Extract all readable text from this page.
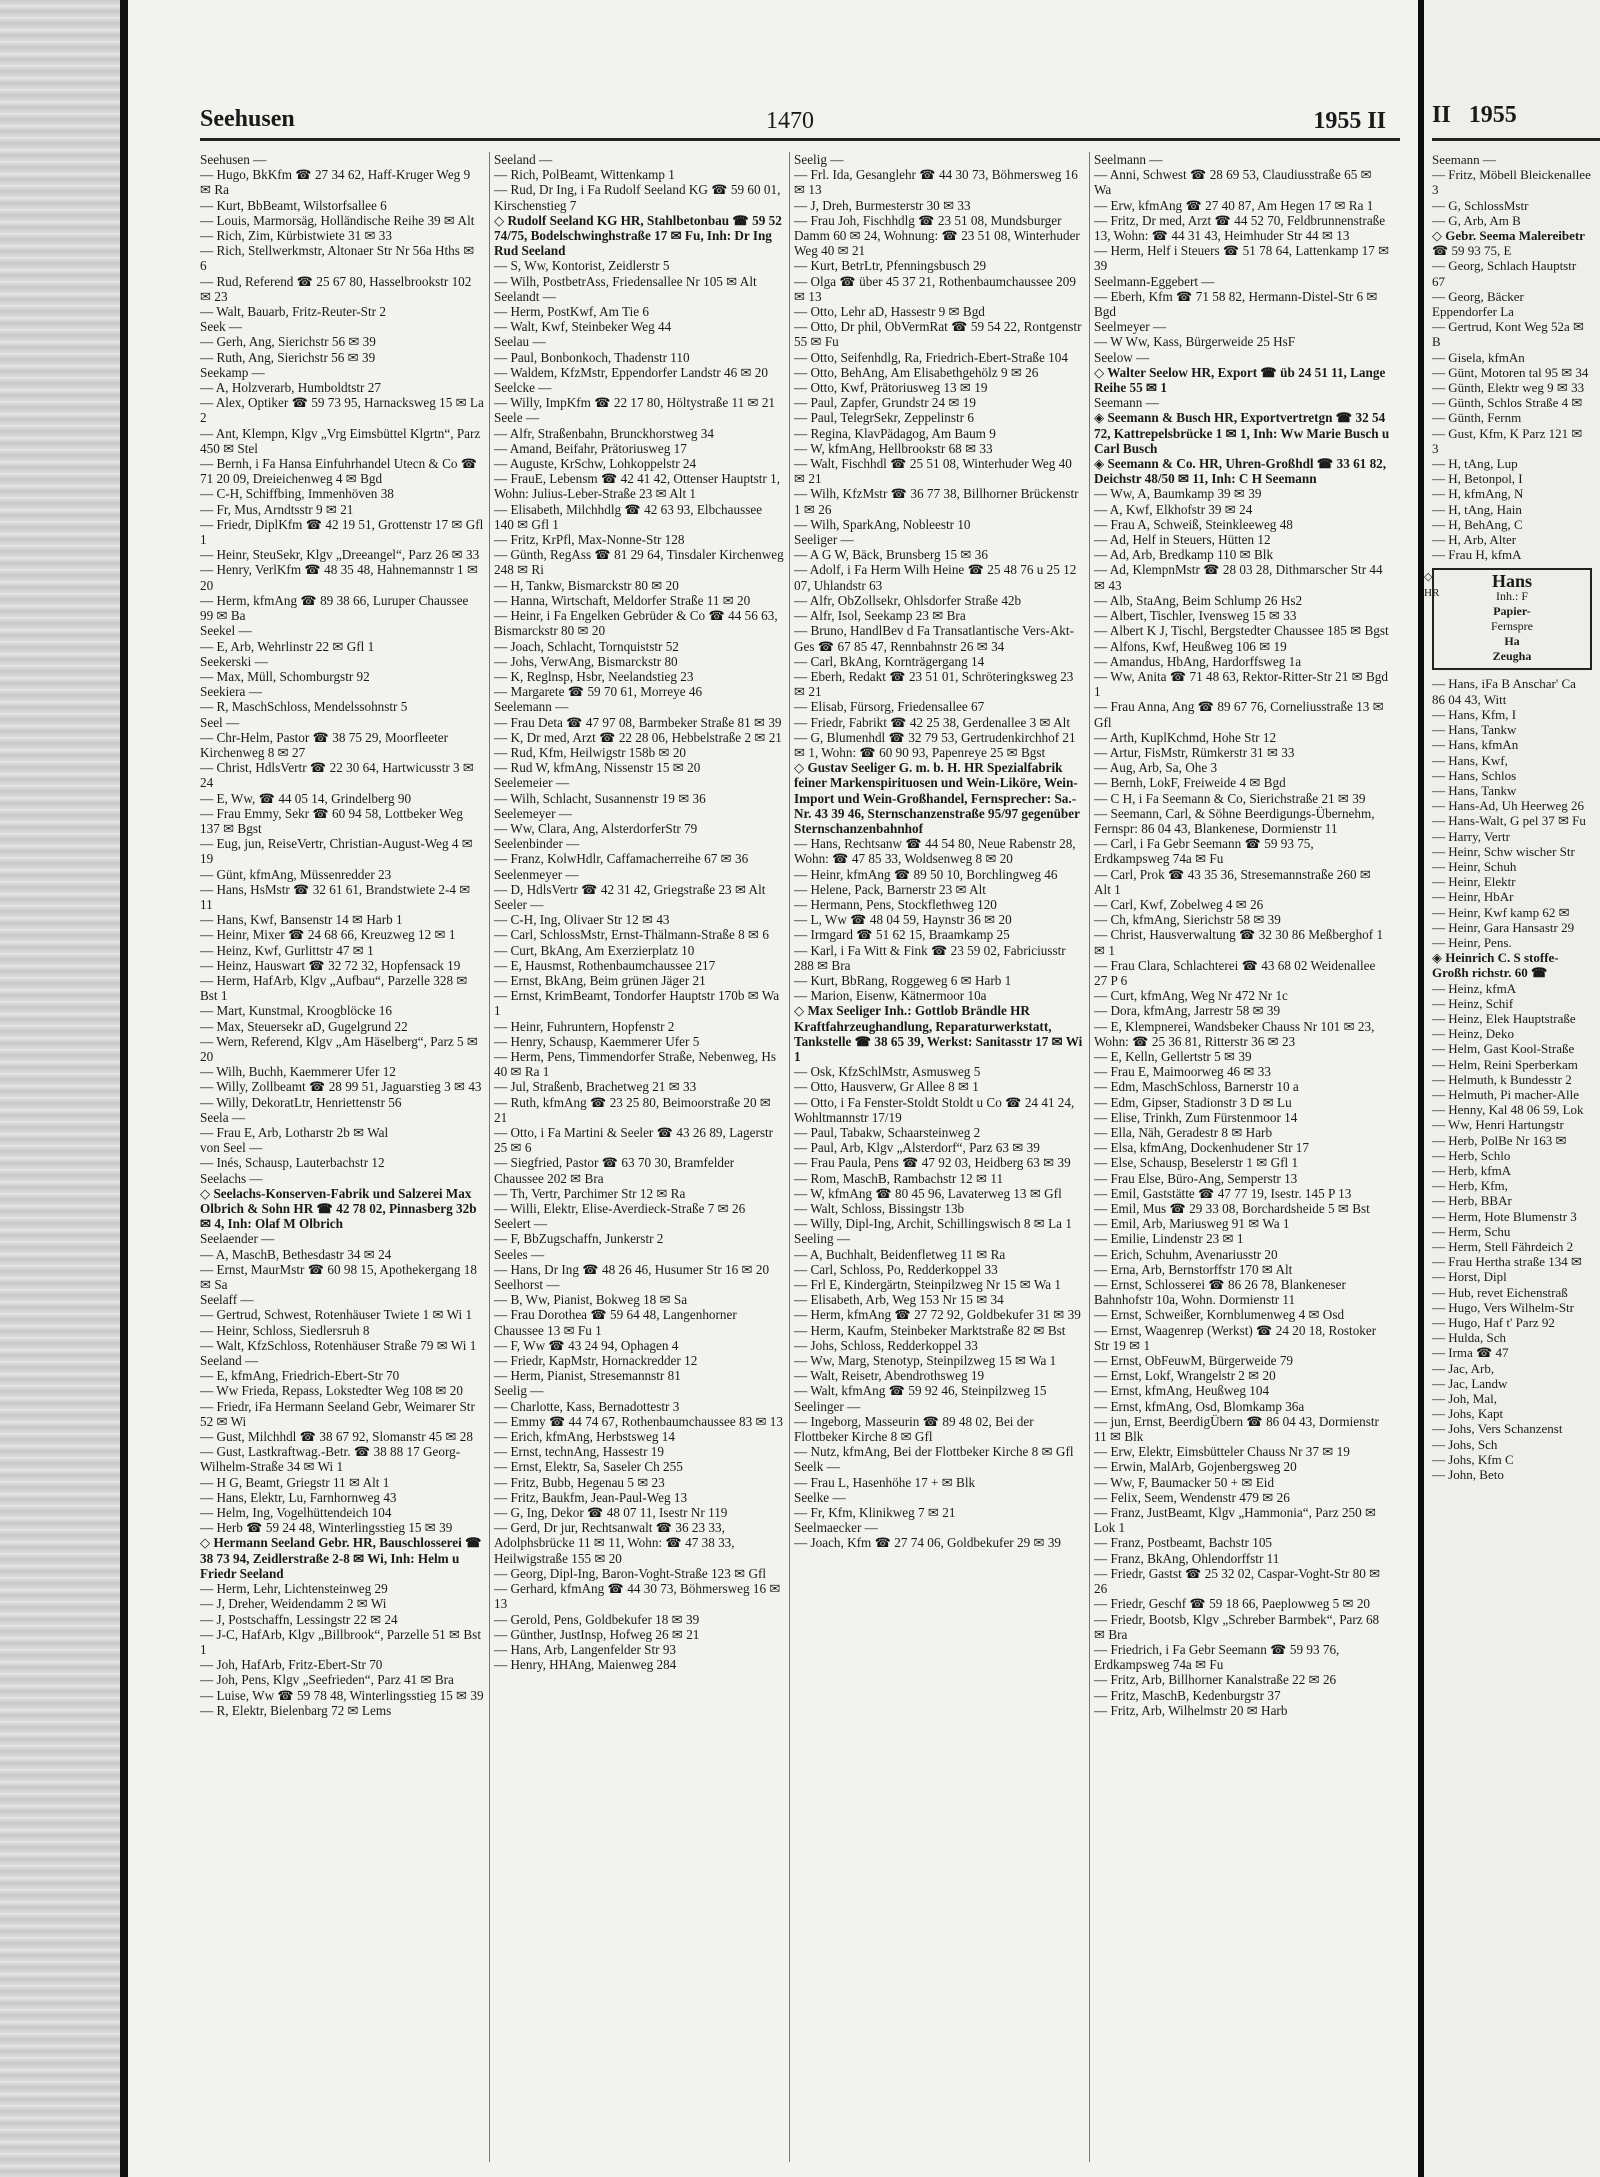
Seehusen	1470	1955 II
Seehusen —
— Hugo, BkKfm ☎ 27 34 62, Haff-Kruger Weg 9 ✉ Ra
— Kurt, BbBeamt, Wilstorfsallee 6
— Louis, Marmorsäg, Holländische Reihe 39 ✉ Alt
— Rich, Zim, Kürbistwiete 31 ✉ 33
— Rich, Stellwerkmstr, Altonaer Str Nr 56a Hths ✉ 6
— Rud, Referend ☎ 25 67 80, Hasselbrookstr 102 ✉ 23
— Walt, Bauarb, Fritz-Reuter-Str 2
Seek —
— Gerh, Ang, Sierichstr 56 ✉ 39
— Ruth, Ang, Sierichstr 56 ✉ 39
Seekamp —
— A, Holzverarb, Humboldtstr 27
— Alex, Optiker ☎ 59 73 95, Harnacksweg 15 ✉ La 2
— Ant, Klempn, Klgv „Vrg Eimsbüttel Klgrtn“, Parz 450 ✉ Stel
— Bernh, i Fa Hansa Einfuhrhandel Utecn & Co ☎ 71 20 09, Dreieichenweg 4 ✉ Bgd
— C-H, Schiffbing, Immenhöven 38
— Fr, Mus, Arndtsstr 9 ✉ 21
— Friedr, DiplKfm ☎ 42 19 51, Grottenstr 17 ✉ Gfl 1
— Heinr, SteuSekr, Klgv „Dreeangel“, Parz 26 ✉ 33
— Henry, VerlKfm ☎ 48 35 48, Hahnemannstr 1 ✉ 20
— Herm, kfmAng ☎ 89 38 66, Luruper Chaussee 99 ✉ Ba
Seekel —
— E, Arb, Wehrlinstr 22 ✉ Gfl 1
Seekerski —
— Max, Müll, Schomburgstr 92
Seekiera —
— R, MaschSchloss, Mendelssohnstr 5
Seel —
— Chr-Helm, Pastor ☎ 38 75 29, Moorfleeter Kirchenweg 8 ✉ 27
— Christ, HdlsVertr ☎ 22 30 64, Hartwicusstr 3 ✉ 24
— E, Ww, ☎ 44 05 14, Grindelberg 90
— Frau Emmy, Sekr ☎ 60 94 58, Lottbeker Weg 137 ✉ Bgst
— Eug, jun, ReiseVertr, Christian-August-Weg 4 ✉ 19
— Günt, kfmAng, Müssenredder 23
— Hans, HsMstr ☎ 32 61 61, Brandstwiete 2-4 ✉ 11
— Hans, Kwf, Bansenstr 14 ✉ Harb 1
— Heinr, Mixer ☎ 24 68 66, Kreuzweg 12 ✉ 1
— Heinz, Kwf, Gurlittstr 47 ✉ 1
— Heinz, Hauswart ☎ 32 72 32, Hopfensack 19
— Herm, HafArb, Klgv „Aufbau“, Parzelle 328 ✉ Bst 1
— Mart, Kunstmal, Kroogblöcke 16
— Max, Steuersekr aD, Gugelgrund 22
— Wern, Referend, Klgv „Am Häselberg“, Parz 5 ✉ 20
— Wilh, Buchh, Kaemmerer Ufer 12
— Willy, Zollbeamt ☎ 28 99 51, Jaguarstieg 3 ✉ 43
— Willy, DekoratLtr, Henriettenstr 56
Seela —
— Frau E, Arb, Lotharstr 2b ✉ Wal
von Seel —
— Inés, Schausp, Lauterbachstr 12
Seelachs —
◇ Seelachs-Konserven-Fabrik und Salzerei Max Olbrich & Sohn HR ☎ 42 78 02, Pinnasberg 32b ✉ 4, Inh: Olaf M Olbrich
Seelaender —
— A, MaschB, Bethesdastr 34 ✉ 24
— Ernst, MaurMstr ☎ 60 98 15, Apothekergang 18 ✉ Sa
Seelaff —
— Gertrud, Schwest, Rotenhäuser Twiete 1 ✉ Wi 1
— Heinr, Schloss, Siedlersruh 8
— Walt, KfzSchloss, Rotenhäuser Straße 79 ✉ Wi 1
Seeland —
— E, kfmAng, Friedrich-Ebert-Str 70
— Ww Frieda, Repass, Lokstedter Weg 108 ✉ 20
— Friedr, iFa Hermann Seeland Gebr, Weimarer Str 52 ✉ Wi
— Gust, Milchhdl ☎ 38 67 92, Slomanstr 45 ✉ 28
— Gust, Lastkraftwag.-Betr. ☎ 38 88 17 Georg-Wilhelm-Straße 34 ✉ Wi 1
— H G, Beamt, Griegstr 11 ✉ Alt 1
— Hans, Elektr, Lu, Farnhornweg 43
— Helm, Ing, Vogelhüttendeich 104
— Herb ☎ 59 24 48, Winterlingsstieg 15 ✉ 39
◇ Hermann Seeland Gebr. HR, Bauschlosserei ☎ 38 73 94, Zeidlerstraße 2-8 ✉ Wi, Inh: Helm u Friedr Seeland
— Herm, Lehr, Lichtensteinweg 29
— J, Dreher, Weidendamm 2 ✉ Wi
— J, Postschaffn, Lessingstr 22 ✉ 24
— J-C, HafArb, Klgv „Billbrook“, Parzelle 51 ✉ Bst 1
— Joh, HafArb, Fritz-Ebert-Str 70
— Joh, Pens, Klgv „Seefrieden“, Parz 41 ✉ Bra
— Luise, Ww ☎ 59 78 48, Winterlingsstieg 15 ✉ 39
— R, Elektr, Bielenbarg 72 ✉ Lems
Seeland —
— Rich, PolBeamt, Wittenkamp 1
— Rud, Dr Ing, i Fa Rudolf Seeland KG ☎ 59 60 01, Kirschenstieg 7
◇ Rudolf Seeland KG HR, Stahlbetonbau ☎ 59 52 74/75, Bodelschwinghstraße 17 ✉ Fu, Inh: Dr Ing Rud Seeland
— S, Ww, Kontorist, Zeidlerstr 5
— Wilh, PostbetrAss, Friedensallee Nr 105 ✉ Alt
Seelandt —
— Herm, PostKwf, Am Tie 6
— Walt, Kwf, Steinbeker Weg 44
Seelau —
— Paul, Bonbonkoch, Thadenstr 110
— Waldem, KfzMstr, Eppendorfer Landstr 46 ✉ 20
Seelcke —
— Willy, ImpKfm ☎ 22 17 80, Höltystraße 11 ✉ 21
Seele —
— Alfr, Straßenbahn, Brunckhorstweg 34
— Amand, Beifahr, Prätoriusweg 17
— Auguste, KrSchw, Lohkoppelstr 24
— FrauE, Lebensm ☎ 42 41 42, Ottenser Hauptstr 1, Wohn: Julius-Leber-Straße 23 ✉ Alt 1
— Elisabeth, Milchhdlg ☎ 42 63 93, Elbchaussee 140 ✉ Gfl 1
— Fritz, KrPfl, Max-Nonne-Str 128
— Günth, RegAss ☎ 81 29 64, Tinsdaler Kirchenweg 248 ✉ Ri
— H, Tankw, Bismarckstr 80 ✉ 20
— Hanna, Wirtschaft, Meldorfer Straße 11 ✉ 20
— Heinr, i Fa Engelken Gebrüder & Co ☎ 44 56 63, Bismarckstr 80 ✉ 20
— Joach, Schlacht, Tornquiststr 52
— Johs, VerwAng, Bismarckstr 80
— K, Reglnsp, Hsbr, Neelandstieg 23
— Margarete ☎ 59 70 61, Morreye 46
Seelemann —
— Frau Deta ☎ 47 97 08, Barmbeker Straße 81 ✉ 39
— K, Dr med, Arzt ☎ 22 28 06, Hebbelstraße 2 ✉ 21
— Rud, Kfm, Heilwigstr 158b ✉ 20
— Rud W, kfmAng, Nissenstr 15 ✉ 20
Seelemeier —
— Wilh, Schlacht, Susannenstr 19 ✉ 36
Seelemeyer —
— Ww, Clara, Ang, AlsterdorferStr 79
Seelenbinder —
— Franz, KolwHdlr, Caffamacherreihe 67 ✉ 36
Seelenmeyer —
— D, HdlsVertr ☎ 42 31 42, Griegstraße 23 ✉ Alt
Seeler —
— C-H, Ing, Olivaer Str 12 ✉ 43
— Carl, SchlossMstr, Ernst-Thälmann-Straße 8 ✉ 6
— Curt, BkAng, Am Exerzierplatz 10
— E, Hausmst, Rothenbaumchaussee 217
— Ernst, BkAng, Beim grünen Jäger 21
— Ernst, KrimBeamt, Tondorfer Hauptstr 170b ✉ Wa 1
— Heinr, Fuhruntern, Hopfenstr 2
— Henry, Schausp, Kaemmerer Ufer 5
— Herm, Pens, Timmendorfer Straße, Nebenweg, Hs 40 ✉ Ra 1
— Jul, Straßenb, Brachetweg 21 ✉ 33
— Ruth, kfmAng ☎ 23 25 80, Beimoorstraße 20 ✉ 21
— Otto, i Fa Martini & Seeler ☎ 43 26 89, Lagerstr 25 ✉ 6
— Siegfried, Pastor ☎ 63 70 30, Bramfelder Chaussee 202 ✉ Bra
— Th, Vertr, Parchimer Str 12 ✉ Ra
— Willi, Elektr, Elise-Averdieck-Straße 7 ✉ 26
Seelert —
— F, BbZugschaffn, Junkerstr 2
Seeles —
— Hans, Dr Ing ☎ 48 26 46, Husumer Str 16 ✉ 20
Seelhorst —
— B, Ww, Pianist, Bokweg 18 ✉ Sa
— Frau Dorothea ☎ 59 64 48, Langenhorner Chaussee 13 ✉ Fu 1
— F, Ww ☎ 43 24 94, Ophagen 4
— Friedr, KapMstr, Hornackredder 12
— Herm, Pianist, Stresemannstr 81
Seelig —
— Charlotte, Kass, Bernadottestr 3
— Emmy ☎ 44 74 67, Rothenbaumchaussee 83 ✉ 13
— Erich, kfmAng, Herbstsweg 14
— Ernst, technAng, Hassestr 19
— Ernst, Elektr, Sa, Saseler Ch 255
— Fritz, Bubb, Hegenau 5 ✉ 23
— Fritz, Baukfm, Jean-Paul-Weg 13
— G, Ing, Dekor ☎ 48 07 11, Isestr Nr 119
— Gerd, Dr jur, Rechtsanwalt ☎ 36 23 33, Adolphsbrücke 11 ✉ 11, Wohn: ☎ 47 38 33, Heilwigstraße 155 ✉ 20
— Georg, Dipl-Ing, Baron-Voght-Straße 123 ✉ Gfl
— Gerhard, kfmAng ☎ 44 30 73, Böhmersweg 16 ✉ 13
— Gerold, Pens, Goldbekufer 18 ✉ 39
— Günther, JustInsp, Hofweg 26 ✉ 21
— Hans, Arb, Langenfelder Str 93
— Henry, HHAng, Maienweg 284
Seelig —
— Frl. Ida, Gesanglehr ☎ 44 30 73, Böhmersweg 16 ✉ 13
— J, Dreh, Burmesterstr 30 ✉ 33
— Frau Joh, Fischhdlg ☎ 23 51 08, Mundsburger Damm 60 ✉ 24, Wohnung: ☎ 23 51 08, Winterhuder Weg 40 ✉ 21
— Kurt, BetrLtr, Pfenningsbusch 29
— Olga ☎ über 45 37 21, Rothenbaumchaussee 209 ✉ 13
— Otto, Lehr aD, Hassestr 9 ✉ Bgd
— Otto, Dr phil, ObVermRat ☎ 59 54 22, Rontgenstr 55 ✉ Fu
— Otto, Seifenhdlg, Ra, Friedrich-Ebert-Straße 104
— Otto, BehAng, Am Elisabethgehölz 9 ✉ 26
— Otto, Kwf, Prätoriusweg 13 ✉ 19
— Paul, Zapfer, Grundstr 24 ✉ 19
— Paul, TelegrSekr, Zeppelinstr 6
— Regina, KlavPädagog, Am Baum 9
— W, kfmAng, Hellbrookstr 68 ✉ 33
— Walt, Fischhdl ☎ 25 51 08, Winterhuder Weg 40 ✉ 21
— Wilh, KfzMstr ☎ 36 77 38, Billhorner Brückenstr 1 ✉ 26
— Wilh, SparkAng, Nobleestr 10
Seeliger —
— A G W, Bäck, Brunsberg 15 ✉ 36
— Adolf, i Fa Herm Wilh Heine ☎ 25 48 76 u 25 12 07, Uhlandstr 63
— Alfr, ObZollsekr, Ohlsdorfer Straße 42b
— Alfr, Isol, Seekamp 23 ✉ Bra
— Bruno, HandlBev d Fa Transatlantische Vers-Akt-Ges ☎ 67 85 47, Rennbahnstr 26 ✉ 34
— Carl, BkAng, Kornträgergang 14
— Eberh, Redakt ☎ 23 51 01, Schröteringksweg 23 ✉ 21
— Elisab, Fürsorg, Friedensallee 67
— Friedr, Fabrikt ☎ 42 25 38, Gerdenallee 3 ✉ Alt
— G, Blumenhdl ☎ 32 79 53, Gertrudenkirchhof 21 ✉ 1, Wohn: ☎ 60 90 93, Papenreye 25 ✉ Bgst
◇ Gustav Seeliger G. m. b. H. HR Spezialfabrik feiner Markenspirituosen und Wein-Liköre, Wein-Import und Wein-Großhandel, Fernsprecher: Sa.-Nr. 43 39 46, Sternschanzenstraße 95/97 gegenüber Sternschanzenbahnhof
— Hans, Rechtsanw ☎ 44 54 80, Neue Rabenstr 28, Wohn: ☎ 47 85 33, Woldsenweg 8 ✉ 20
— Heinr, kfmAng ☎ 89 50 10, Borchlingweg 46
— Helene, Pack, Barnerstr 23 ✉ Alt
— Hermann, Pens, Stockflethweg 120
— L, Ww ☎ 48 04 59, Haynstr 36 ✉ 20
— Irmgard ☎ 51 62 15, Braamkamp 25
— Karl, i Fa Witt & Fink ☎ 23 59 02, Fabriciusstr 288 ✉ Bra
— Kurt, BbRang, Roggeweg 6 ✉ Harb 1
— Marion, Eisenw, Kätnermoor 10a
◇ Max Seeliger Inh.: Gottlob Brändle HR Kraftfahrzeughandlung, Reparaturwerkstatt, Tankstelle ☎ 38 65 39, Werkst: Sanitasstr 17 ✉ Wi 1
— Osk, KfzSchlMstr, Asmusweg 5
— Otto, Hausverw, Gr Allee 8 ✉ 1
— Otto, i Fa Fenster-Stoldt Stoldt u Co ☎ 24 41 24, Wohltmannstr 17/19
— Paul, Tabakw, Schaarsteinweg 2
— Paul, Arb, Klgv „Alsterdorf“, Parz 63 ✉ 39
— Frau Paula, Pens ☎ 47 92 03, Heidberg 63 ✉ 39
— Rom, MaschB, Rambachstr 12 ✉ 11
— W, kfmAng ☎ 80 45 96, Lavaterweg 13 ✉ Gfl
— Walt, Schloss, Bissingstr 13b
— Willy, Dipl-Ing, Archit, Schillingswisch 8 ✉ La 1
Seeling —
— A, Buchhalt, Beidenfletweg 11 ✉ Ra
— Carl, Schloss, Po, Redderkoppel 33
— Frl E, Kindergärtn, Steinpilzweg Nr 15 ✉ Wa 1
— Elisabeth, Arb, Weg 153 Nr 15 ✉ 34
— Herm, kfmAng ☎ 27 72 92, Goldbekufer 31 ✉ 39
— Herm, Kaufm, Steinbeker Marktstraße 82 ✉ Bst
— Johs, Schloss, Redderkoppel 33
— Ww, Marg, Stenotyp, Steinpilzweg 15 ✉ Wa 1
— Walt, Reisetr, Abendrothsweg 19
— Walt, kfmAng ☎ 59 92 46, Steinpilzweg 15
Seelinger —
— Ingeborg, Masseurin ☎ 89 48 02, Bei der Flottbeker Kirche 8 ✉ Gfl
— Nutz, kfmAng, Bei der Flottbeker Kirche 8 ✉ Gfl
Seelk —
— Frau L, Hasenhöhe 17 + ✉ Blk
Seelke —
— Fr, Kfm, Klinikweg 7 ✉ 21
Seelmaecker —
— Joach, Kfm ☎ 27 74 06, Goldbekufer 29 ✉ 39
Seelmann —
— Anni, Schwest ☎ 28 69 53, Claudiusstraße 65 ✉ Wa
— Erw, kfmAng ☎ 27 40 87, Am Hegen 17 ✉ Ra 1
— Fritz, Dr med, Arzt ☎ 44 52 70, Feldbrunnenstraße 13, Wohn: ☎ 44 31 43, Heimhuder Str 44 ✉ 13
— Herm, Helf i Steuers ☎ 51 78 64, Lattenkamp 17 ✉ 39
Seelmann-Eggebert —
— Eberh, Kfm ☎ 71 58 82, Hermann-Distel-Str 6 ✉ Bgd
Seelmeyer —
— W Ww, Kass, Bürgerweide 25 HsF
Seelow —
◇ Walter Seelow HR, Export ☎ üb 24 51 11, Lange Reihe 55 ✉ 1
Seemann —
◈ Seemann & Busch HR, Exportvertretgn ☎ 32 54 72, Kattrepelsbrücke 1 ✉ 1, Inh: Ww Marie Busch u Carl Busch
◈ Seemann & Co. HR, Uhren-Großhdl ☎ 33 61 82, Deichstr 48/50 ✉ 11, Inh: C H Seemann
— Ww, A, Baumkamp 39 ✉ 39
— A, Kwf, Elkhofstr 39 ✉ 24
— Frau A, Schweiß, Steinkleeweg 48
— Ad, Helf in Steuers, Hütten 12
— Ad, Arb, Bredkamp 110 ✉ Blk
— Ad, KlempnMstr ☎ 28 03 28, Dithmarscher Str 44 ✉ 43
— Alb, StaAng, Beim Schlump 26 Hs2
— Albert, Tischler, Ivensweg 15 ✉ 33
— Albert K J, Tischl, Bergstedter Chaussee 185 ✉ Bgst
— Alfons, Kwf, Heußweg 106 ✉ 19
— Amandus, HbAng, Hardorffsweg 1a
— Ww, Anita ☎ 71 48 63, Rektor-Ritter-Str 21 ✉ Bgd 1
— Frau Anna, Ang ☎ 89 67 76, Corneliusstraße 13 ✉ Gfl
— Arth, KuplKchmd, Hohe Str 12
— Artur, FisMstr, Rümkerstr 31 ✉ 33
— Aug, Arb, Sa, Ohe 3
— Bernh, LokF, Freiweide 4 ✉ Bgd
— C H, i Fa Seemann & Co, Sierichstraße 21 ✉ 39
— Seemann, Carl, & Söhne Beerdigungs-Übernehm, Fernspr: 86 04 43, Blankenese, Dormienstr 11
— Carl, i Fa Gebr Seemann ☎ 59 93 75, Erdkampsweg 74a ✉ Fu
— Carl, Prok ☎ 43 35 36, Stresemannstraße 260 ✉ Alt 1
— Carl, Kwf, Zobelweg 4 ✉ 26
— Ch, kfmAng, Sierichstr 58 ✉ 39
— Christ, Hausverwaltung ☎ 32 30 86 Meßberghof 1 ✉ 1
— Frau Clara, Schlachterei ☎ 43 68 02 Weidenallee 27 P 6
— Curt, kfmAng, Weg Nr 472 Nr 1c
— Dora, kfmAng, Jarrestr 58 ✉ 39
— E, Klempnerei, Wandsbeker Chauss Nr 101 ✉ 23, Wohn: ☎ 25 36 81, Ritterstr 36 ✉ 23
— E, Kelln, Gellertstr 5 ✉ 39
— Frau E, Maimoorweg 46 ✉ 33
— Edm, MaschSchloss, Barnerstr 10 a
— Edm, Gipser, Stadionstr 3 D ✉ Lu
— Elise, Trinkh, Zum Fürstenmoor 14
— Ella, Näh, Geradestr 8 ✉ Harb
— Elsa, kfmAng, Dockenhudener Str 17
— Else, Schausp, Beselerstr 1 ✉ Gfl 1
— Frau Else, Büro-Ang, Semperstr 13
— Emil, Gaststätte ☎ 47 77 19, Isestr. 145 P 13
— Emil, Mus ☎ 29 33 08, Borchardsheide 5 ✉ Bst
— Emil, Arb, Mariusweg 91 ✉ Wa 1
— Emilie, Lindenstr 23 ✉ 1
— Erich, Schuhm, Avenariusstr 20
— Erna, Arb, Bernstorffstr 170 ✉ Alt
— Ernst, Schlosserei ☎ 86 26 78, Blankeneser Bahnhofstr 10a, Wohn. Dormienstr 11
— Ernst, Schweißer, Kornblumenweg 4 ✉ Osd
— Ernst, Waagenrep (Werkst) ☎ 24 20 18, Rostoker Str 19 ✉ 1
— Ernst, ObFeuwM, Bürgerweide 79
— Ernst, Lokf, Wrangelstr 2 ✉ 20
— Ernst, kfmAng, Heußweg 104
— Ernst, kfmAng, Osd, Blomkamp 36a
— jun, Ernst, BeerdigÜbern ☎ 86 04 43, Dormienstr 11 ✉ Blk
— Erw, Elektr, Eimsbütteler Chauss Nr 37 ✉ 19
— Erwin, MalArb, Gojenbergsweg 20
— Ww, F, Baumacker 50 + ✉ Eid
— Felix, Seem, Wendenstr 479 ✉ 26
— Franz, JustBeamt, Klgv „Hammonia“, Parz 250 ✉ Lok 1
— Franz, Postbeamt, Bachstr 105
— Franz, BkAng, Ohlendorffstr 11
— Friedr, Gastst ☎ 25 32 02, Caspar-Voght-Str 80 ✉ 26
— Friedr, Geschf ☎ 59 18 66, Paeplowweg 5 ✉ 20
— Friedr, Bootsb, Klgv „Schreber Barmbek“, Parz 68 ✉ Bra
— Friedrich, i Fa Gebr Seemann ☎ 59 93 76, Erdkampsweg 74a ✉ Fu
— Fritz, Arb, Billhorner Kanalstraße 22 ✉ 26
— Fritz, MaschB, Kedenburgstr 37
— Fritz, Arb, Wilhelmstr 20 ✉ Harb
II 1955
Seemann —
— Fritz, Möbell Bleickenallee 3
— G, SchlossMstr
— G, Arb, Am B
◇ Gebr. Seema Malereibetr
☎ 59 93 75, E
— Georg, Schlach Hauptstr 67
— Georg, Bäcker Eppendorfer La
— Gertrud, Kont Weg 52a ✉ B
— Gisela, kfmAn
— Günt, Motoren tal 95 ✉ 34
— Günth, Elektr weg 9 ✉ 33
— Günth, Schlos Straße 4 ✉
— Günth, Fernm
— Gust, Kfm, K Parz 121 ✉ 3
— H, tAng, Lup
— H, Betonpol, I
— H, kfmAng, N
— H, tAng, Hain
— H, BehAng, C
— H, Arb, Alter
— Frau H, kfmA
◇ HR
Hans
Inh.: F
Papier-
Fernspre
Ha
Zeugha
— Hans, iFa B Anschar' Ca 86 04 43, Witt
— Hans, Kfm, I
— Hans, Tankw
— Hans, kfmAn
— Hans, Kwf,
— Hans, Schlos
— Hans, Tankw
— Hans-Ad, Uh Heerweg 26
— Hans-Walt, G pel 37 ✉ Fu
— Harry, Vertr
— Heinr, Schw wischer Str
— Heinr, Schuh
— Heinr, Elektr
— Heinr, HbAr
— Heinr, Kwf kamp 62 ✉
— Heinr, Gara Hansastr 29
— Heinr, Pens.
◈ Heinrich C. S stoffe-Großh richstr. 60 ☎
— Heinz, kfmA
— Heinz, Schif
— Heinz, Elek Hauptstraße
— Heinz, Deko
— Helm, Gast Kool-Straße
— Helm, Reini Sperberkam
— Helmuth, k Bundesstr 2
— Helmuth, Pi macher-Alle
— Henny, Kal 48 06 59, Lok
— Ww, Henri Hartungstr
— Herb, PolBe Nr 163 ✉
— Herb, Schlo
— Herb, kfmA
— Herb, Kfm,
— Herb, BBAr
— Herm, Hote Blumenstr 3
— Herm, Schu
— Herm, Stell Fährdeich 2
— Frau Hertha straße 134 ✉
— Horst, Dipl
— Hub, revet Eichenstraß
— Hugo, Vers Wilhelm-Str
— Hugo, Haf t' Parz 92
— Hulda, Sch
— Irma ☎ 47
— Jac, Arb,
— Jac, Landw
— Joh, Mal,
— Johs, Kapt
— Johs, Vers Schanzenst
— Johs, Sch
— Johs, Kfm C
— John, Beto
